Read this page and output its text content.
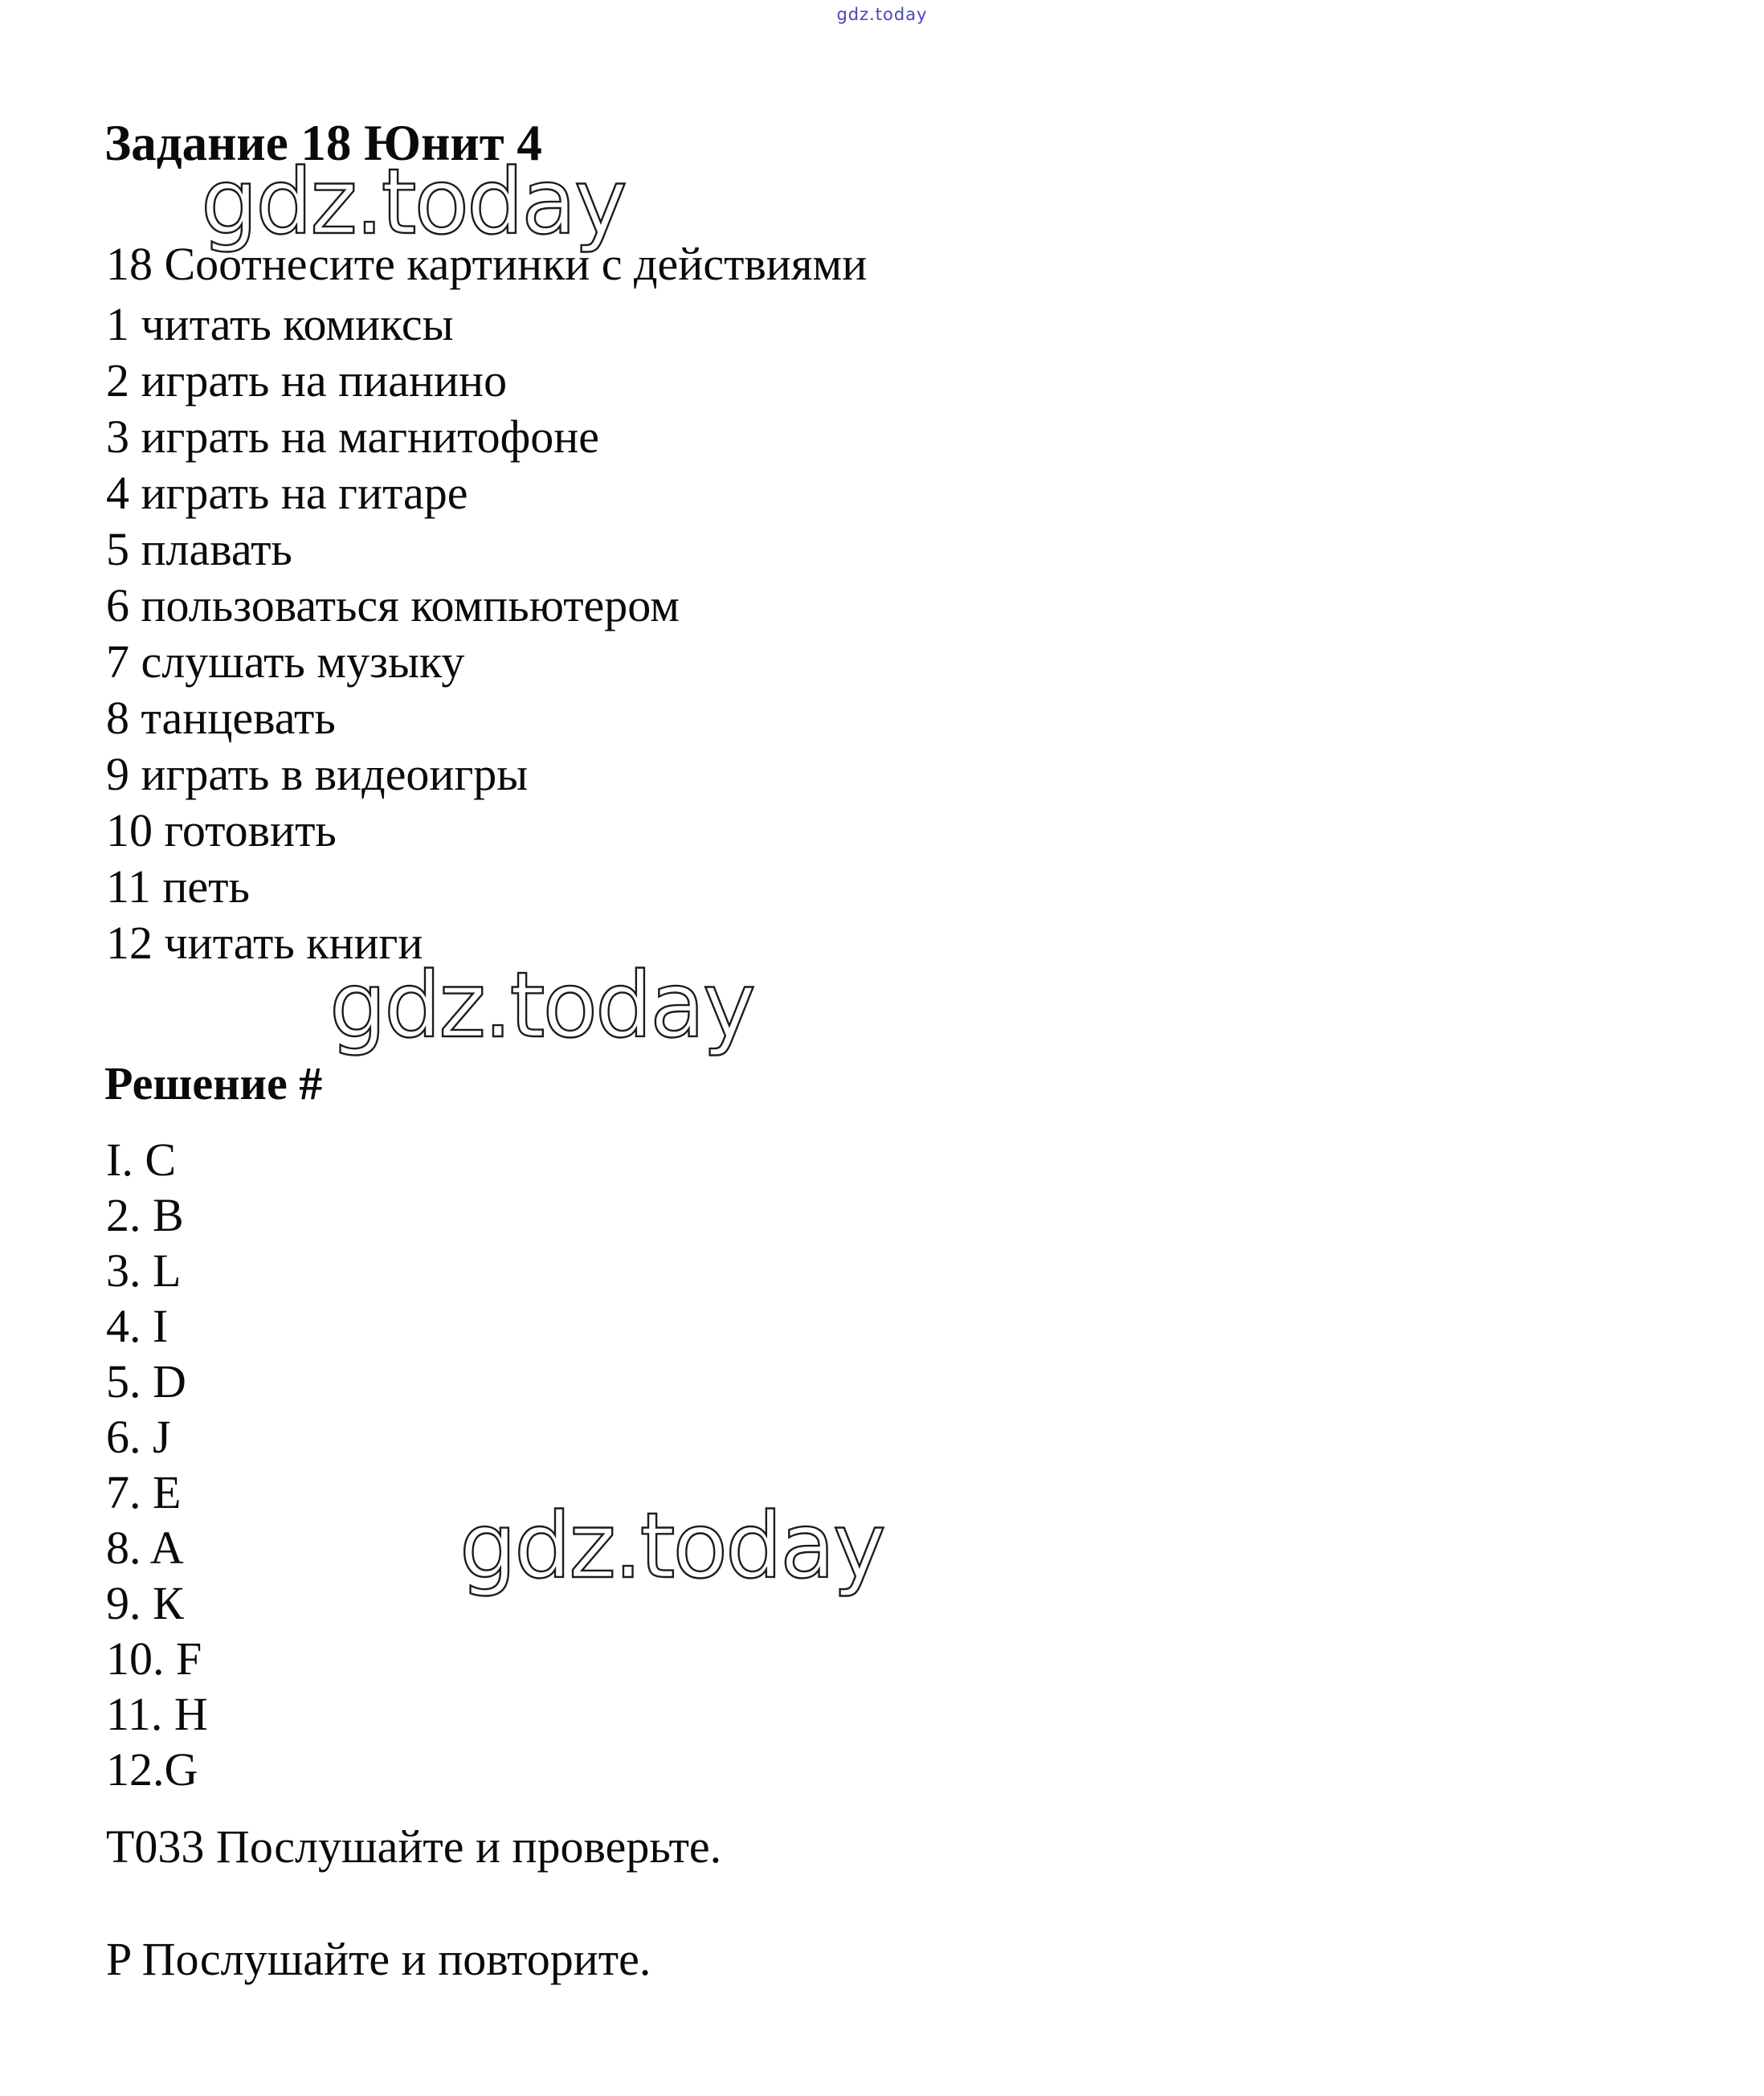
gdz.today
gdz.today
Задание 18 Юнит 4
18 Соотнесите картинки с действиями
1 читать комиксы
2 играть на пианино
3 играть на магнитофоне
4 играть на гитаре
5 плавать
6 пользоваться компьютером
7 слушать музыку
8 танцевать
9 играть в видеоигры
10 готовить
11 петь
12 читать книги
gdz.today
Решение #
I. C
2. B
3. L
4. I
5. D
6. J
7. E
8. A
9. К
10. F
11. H
12.G
gdz.today
T033 Послушайте и проверьте.
P Послушайте и повторите.
